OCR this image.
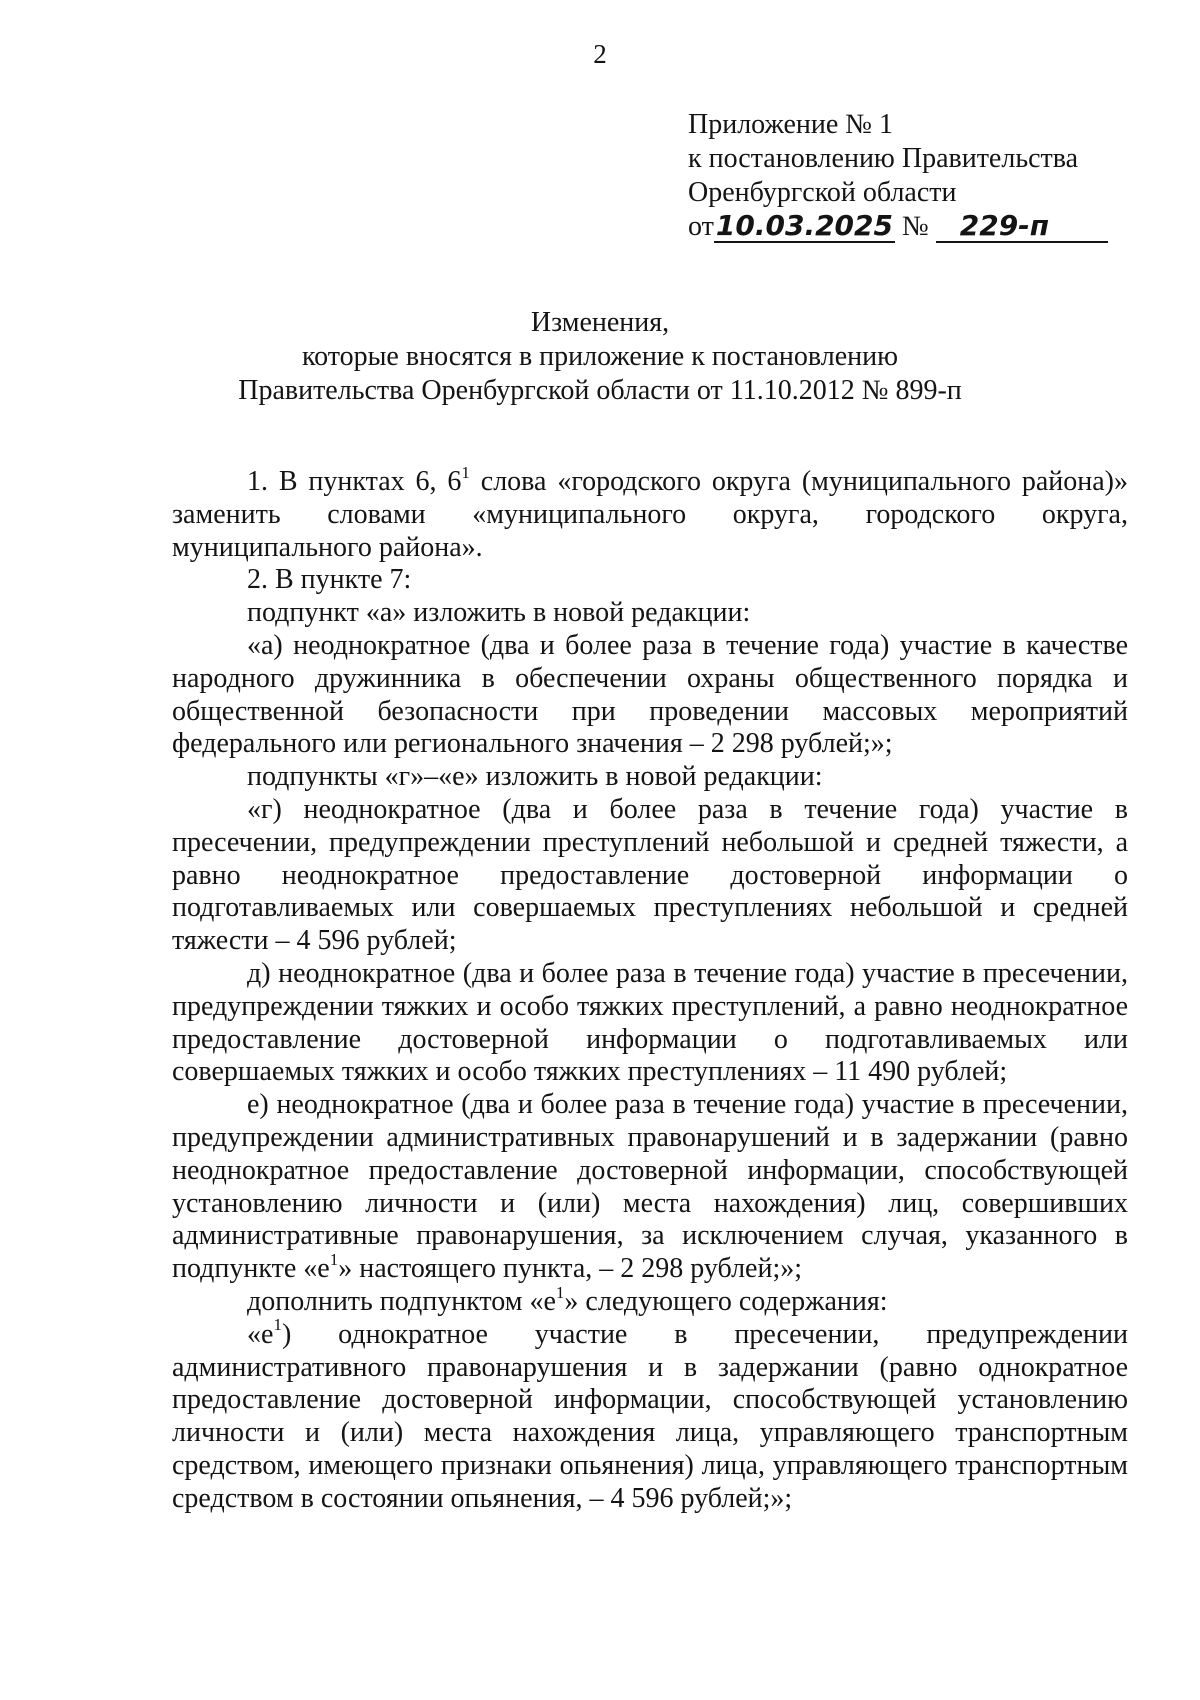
2
Приложение № 1
к постановлению Правительства
Оренбургской области
от10.03.2025 № 229-п
Изменения,
которые вносятся в приложение к постановлению
Правительства Оренбургской области от 11.10.2012 № 899-п

1. В пунктах 6, $6^1$ слова «городского округа (муниципального района)» заменить словами «муниципального округа, городского округа, муниципального района».

2. В пункте 7:

подпункт «а» изложить в новой редакции:

«а) неоднократное (два и более раза в течение года) участие в качестве народного дружинника в обеспечении охраны общественного порядка и общественной безопасности при проведении массовых мероприятий федерального или регионального значения – 2 298 рублей;»;

подпункты «г»–«е» изложить в новой редакции:

«г) неоднократное (два и более раза в течение года) участие в пресечении, предупреждении преступлений небольшой и средней тяжести, а равно неоднократное предоставление достоверной информации о подготавливаемых или совершаемых преступлениях небольшой и средней тяжести – 4 596 рублей;

д) неоднократное (два и более раза в течение года) участие в пресечении, предупреждении тяжких и особо тяжких преступлений, а равно неоднократное предоставление достоверной информации о подготавливаемых или совершаемых тяжких и особо тяжких преступлениях – 11 490 рублей;

е) неоднократное (два и более раза в течение года) участие в пресечении, предупреждении административных правонарушений и в задержании (равно неоднократное предоставление достоверной информации, способствующей установлению личности и (или) места нахождения) лиц, совершивших административные правонарушения, за исключением случая, указанного в подпункте «$е^1$» настоящего пункта, – 2 298 рублей;»;

дополнить подпунктом «$е^1$» следующего содержания:

«$е^1$) однократное участие в пресечении, предупреждении административного правонарушения и в задержании (равно однократное предоставление достоверной информации, способствующей установлению личности и (или) места нахождения лица, управляющего транспортным средством, имеющего признаки опьянения) лица, управляющего транспортным средством в состоянии опьянения, – 4 596 рублей;»;
